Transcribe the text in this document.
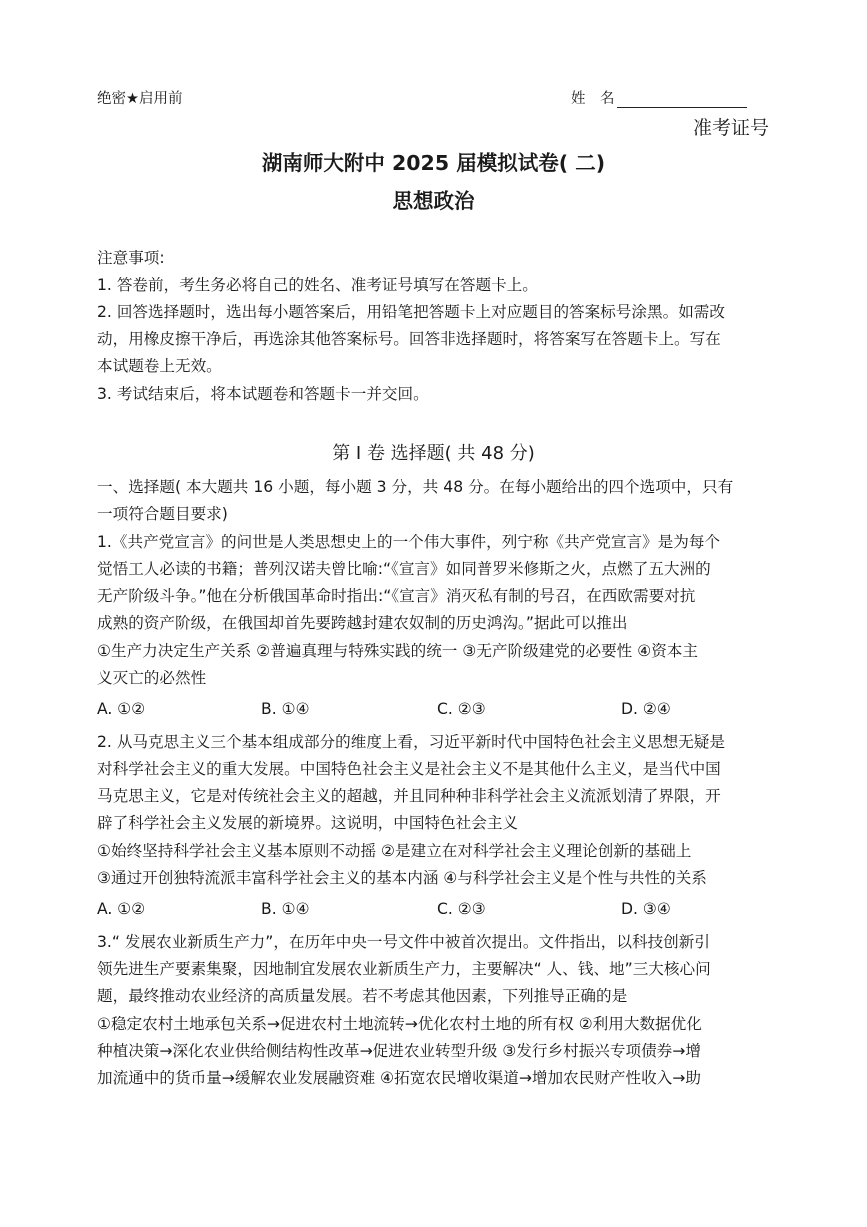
绝密★启用前	姓　名
准考证号
湖南师大附中 2025 届模拟试卷( 二)
思想政治
注意事项:
1. 答卷前，考生务必将自己的姓名、准考证号填写在答题卡上。
2. 回答选择题时，选出每小题答案后，用铅笔把答题卡上对应题目的答案标号涂黑。如需改
动，用橡皮擦干净后，再选涂其他答案标号。回答非选择题时，将答案写在答题卡上。写在
本试题卷上无效。
3. 考试结束后，将本试题卷和答题卡一并交回。
第 Ⅰ 卷 选择题( 共 48 分)
一、选择题( 本大题共 16 小题，每小题 3 分，共 48 分。在每小题给出的四个选项中，只有
一项符合题目要求)
1.《共产党宣言》的问世是人类思想史上的一个伟大事件，列宁称《共产党宣言》是为每个
觉悟工人必读的书籍；普列汉诺夫曾比喻:“《宣言》如同普罗米修斯之火，点燃了五大洲的
无产阶级斗争。”他在分析俄国革命时指出:“《宣言》消灭私有制的号召，在西欧需要对抗
成熟的资产阶级，在俄国却首先要跨越封建农奴制的历史鸿沟。”据此可以推出
①生产力决定生产关系 ②普遍真理与特殊实践的统一 ③无产阶级建党的必要性 ④资本主
义灭亡的必然性
A. ①②	B. ①④	C. ②③	D. ②④
2. 从马克思主义三个基本组成部分的维度上看，习近平新时代中国特色社会主义思想无疑是
对科学社会主义的重大发展。中国特色社会主义是社会主义不是其他什么主义，是当代中国
马克思主义，它是对传统社会主义的超越，并且同种种非科学社会主义流派划清了界限，开
辟了科学社会主义发展的新境界。这说明，中国特色社会主义
①始终坚持科学社会主义基本原则不动摇 ②是建立在对科学社会主义理论创新的基础上
③通过开创独特流派丰富科学社会主义的基本内涵 ④与科学社会主义是个性与共性的关系
A. ①②	B. ①④	C. ②③	D. ③④
3.“ 发展农业新质生产力”，在历年中央一号文件中被首次提出。文件指出，以科技创新引
领先进生产要素集聚，因地制宜发展农业新质生产力，主要解决“ 人、钱、地”三大核心问
题，最终推动农业经济的高质量发展。若不考虑其他因素，下列推导正确的是
①稳定农村土地承包关系→促进农村土地流转→优化农村土地的所有权 ②利用大数据优化
种植决策→深化农业供给侧结构性改革→促进农业转型升级 ③发行乡村振兴专项债券→增
加流通中的货币量→缓解农业发展融资难 ④拓宽农民增收渠道→增加农民财产性收入→助
